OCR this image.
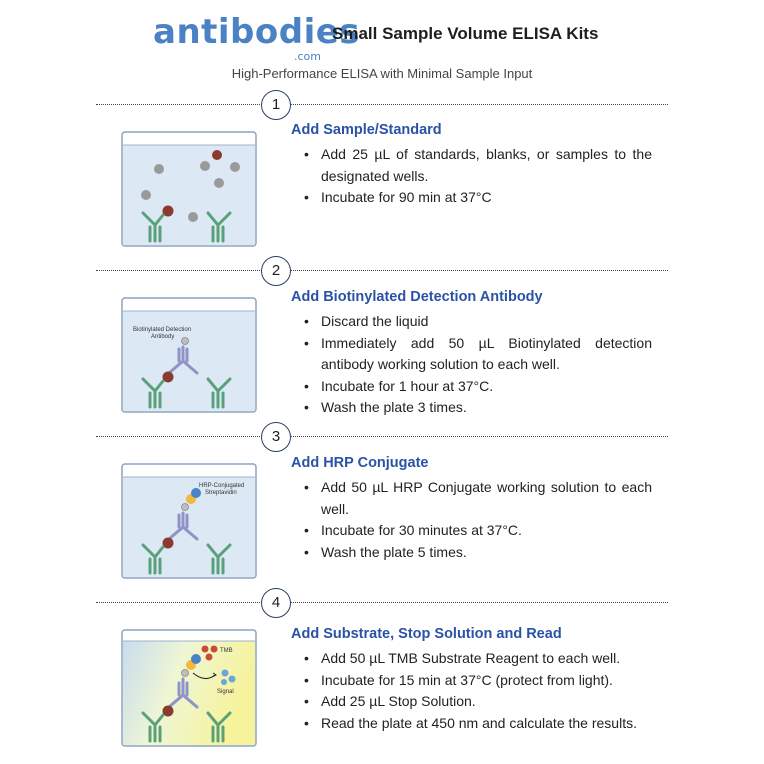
antibodies
.com
Small Sample Volume ELISA Kits
High-Performance ELISA with Minimal Sample Input
1
2
3
4
Add Sample/Standard
• Add 25 µL of standards, blanks, or samples to the designated wells.
• Incubate for 90 min at 37°C
Biotinylated Detection
Antibody
Add Biotinylated Detection Antibody
• Discard the liquid
• Immediately add 50 µL Biotinylated detection antibody working solution to each well.
• Incubate for 1 hour at 37°C.
• Wash the plate 3 times.
HRP-Conjugated
Streptavidin
Add HRP Conjugate
• Add 50 µL HRP Conjugate working solution to each well.
• Incubate for 30 minutes at 37°C.
• Wash the plate 5 times.
TMB
Signal
Add Substrate, Stop Solution and Read
• Add 50 µL TMB Substrate Reagent to each well.
• Incubate for 15 min at 37°C (protect from light).
• Add 25 µL Stop Solution.
• Read the plate at 450 nm and calculate the results.
